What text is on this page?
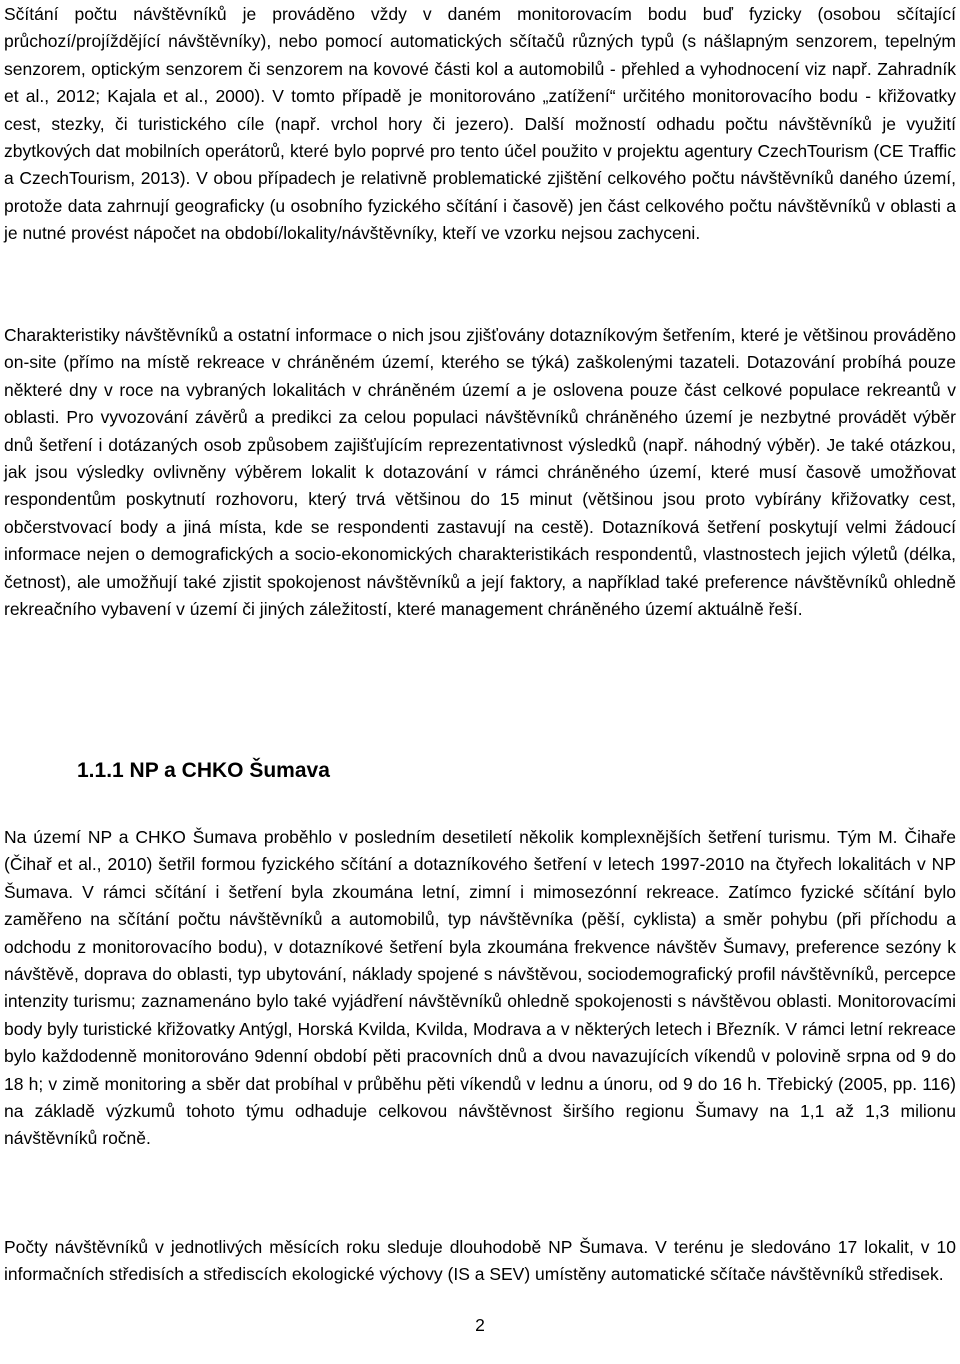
Sčítání počtu návštěvníků je prováděno vždy v daném monitorovacím bodu buď fyzicky (osobou sčítající průchozí/projíždějící návštěvníky), nebo pomocí automatických sčítačů různých typů (s nášlapným senzorem, tepelným senzorem, optickým senzorem či senzorem na kovové části kol a automobilů - přehled a vyhodnocení viz např. Zahradník et al., 2012; Kajala et al., 2000). V tomto případě je monitorováno „zatížení“ určitého monitorovacího bodu - křižovatky cest, stezky, či turistického cíle (např. vrchol hory či jezero). Další možností odhadu počtu návštěvníků je využití zbytkových dat mobilních operátorů, které bylo poprvé pro tento účel použito v projektu agentury CzechTourism (CE Traffic a CzechTourism, 2013). V obou případech je relativně problematické zjištění celkového počtu návštěvníků daného území, protože data zahrnují geograficky (u osobního fyzického sčítání i časově) jen část celkového počtu návštěvníků v oblasti a je nutné provést nápočet na období/lokality/návštěvníky, kteří ve vzorku nejsou zachyceni.

Charakteristiky návštěvníků a ostatní informace o nich jsou zjišťovány dotazníkovým šetřením, které je většinou prováděno on-site (přímo na místě rekreace v chráněném území, kterého se týká) zaškolenými tazateli. Dotazování probíhá pouze některé dny v roce na vybraných lokalitách v chráněném území a je oslovena pouze část celkové populace rekreantů v oblasti. Pro vyvozování závěrů a predikci za celou populaci návštěvníků chráněného území je nezbytné provádět výběr dnů šetření i dotázaných osob způsobem zajišťujícím reprezentativnost výsledků (např. náhodný výběr). Je také otázkou, jak jsou výsledky ovlivněny výběrem lokalit k dotazování v rámci chráněného území, které musí časově umožňovat respondentům poskytnutí rozhovoru, který trvá většinou do 15 minut (většinou jsou proto vybírány křižovatky cest, občerstvovací body a jiná místa, kde se respondenti zastavují na cestě). Dotazníková šetření poskytují velmi žádoucí informace nejen o demografických a socio-ekonomických charakteristikách respondentů, vlastnostech jejich výletů (délka, četnost), ale umožňují také zjistit spokojenost návštěvníků a její faktory, a například také preference návštěvníků ohledně rekreačního vybavení v území či jiných záležitostí, které management chráněného území aktuálně řeší.

1.1.1 NP a CHKO Šumava

Na území NP a CHKO Šumava proběhlo v posledním desetiletí několik komplexnějších šetření turismu. Tým M. Čihaře (Čihař et al., 2010) šetřil formou fyzického sčítání a dotazníkového šetření v letech 1997-2010 na čtyřech lokalitách v NP Šumava. V rámci sčítání i šetření byla zkoumána letní, zimní i mimosezónní rekreace. Zatímco fyzické sčítání bylo zaměřeno na sčítání počtu návštěvníků a automobilů, typ návštěvníka (pěší, cyklista) a směr pohybu (při příchodu a odchodu z monitorovacího bodu), v dotazníkové šetření byla zkoumána frekvence návštěv Šumavy, preference sezóny k návštěvě, doprava do oblasti, typ ubytování, náklady spojené s návštěvou, sociodemografický profil návštěvníků, percepce intenzity turismu; zaznamenáno bylo také vyjádření návštěvníků ohledně spokojenosti s návštěvou oblasti. Monitorovacími body byly turistické křižovatky Antýgl, Horská Kvilda, Kvilda, Modrava a v některých letech i Březník. V rámci letní rekreace bylo každodenně monitorováno 9denní období pěti pracovních dnů a dvou navazujících víkendů v polovině srpna od 9 do 18 h; v zimě monitoring a sběr dat probíhal v průběhu pěti víkendů v lednu a únoru, od 9 do 16 h. Třebický (2005, pp. 116) na základě výzkumů tohoto týmu odhaduje celkovou návštěvnost širšího regionu Šumavy na 1,1 až 1,3 milionu návštěvníků ročně.

Počty návštěvníků v jednotlivých měsících roku sleduje dlouhodobě NP Šumava. V terénu je sledováno 17 lokalit, v 10 informačních středisích a střediscích ekologické výchovy (IS a SEV) umístěny automatické sčítače návštěvníků středisek.

2
